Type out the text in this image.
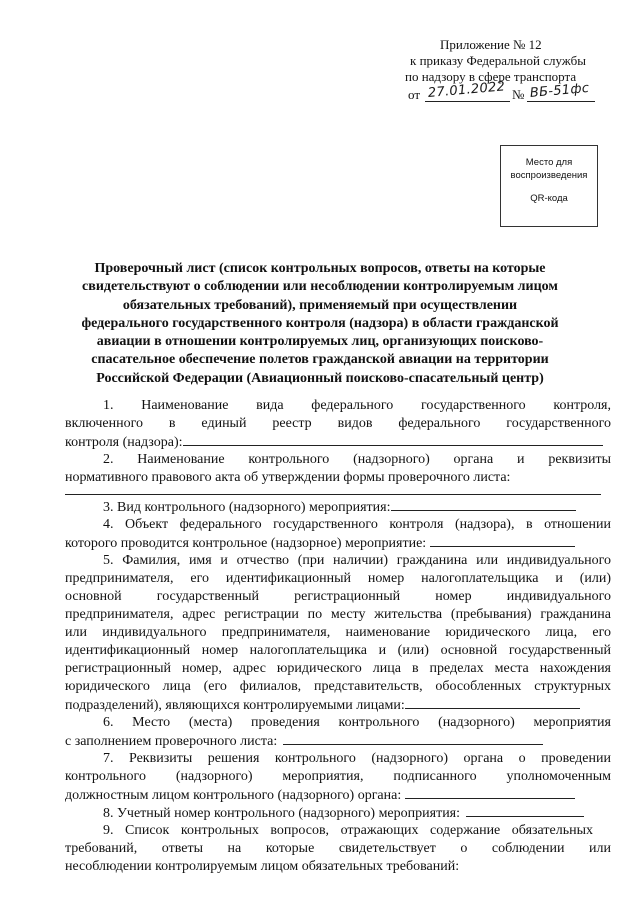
Приложение № 12
к приказу Федеральной службы
по надзору в сфере транспорта
от 27.01.2022 № ВБ-51фс
Место для
воспроизведения
QR-кода
Проверочный лист (список контрольных вопросов, ответы на которые свидетельствуют о соблюдении или несоблюдении контролируемым лицом обязательных требований), применяемый при осуществлении федерального государственного контроля (надзора) в области гражданской авиации в отношении контролируемых лиц, организующих поисково-спасательное обеспечение полетов гражданской авиации на территории Российской Федерации (Авиационный поисково-спасательный центр)
1. Наименование вида федерального государственного контроля,
включенного в единый реестр видов федерального государственного
контроля (надзора):
2. Наименование контрольного (надзорного) органа и реквизиты
нормативного правового акта об утверждении формы проверочного листа:
3. Вид контрольного (надзорного) мероприятия:
4. Объект федерального государственного контроля (надзора), в отношении
которого проводится контрольное (надзорное) мероприятие:
5. Фамилия, имя и отчество (при наличии) гражданина или индивидуального
предпринимателя, его идентификационный номер налогоплательщика и (или)
основной государственный регистрационный номер индивидуального
предпринимателя, адрес регистрации по месту жительства (пребывания) гражданина
или индивидуального предпринимателя, наименование юридического лица, его
идентификационный номер налогоплательщика и (или) основной государственный
регистрационный номер, адрес юридического лица в пределах места нахождения
юридического лица (его филиалов, представительств, обособленных структурных
подразделений), являющихся контролируемыми лицами:
6. Место (места) проведения контрольного (надзорного) мероприятия
с заполнением проверочного листа:
7. Реквизиты решения контрольного (надзорного) органа о проведении
контрольного (надзорного) мероприятия, подписанного уполномоченным
должностным лицом контрольного (надзорного) органа:
8. Учетный номер контрольного (надзорного) мероприятия:
9. Список контрольных вопросов, отражающих содержание обязательных
требований, ответы на которые свидетельствует о соблюдении или
несоблюдении контролируемым лицом обязательных требований:
